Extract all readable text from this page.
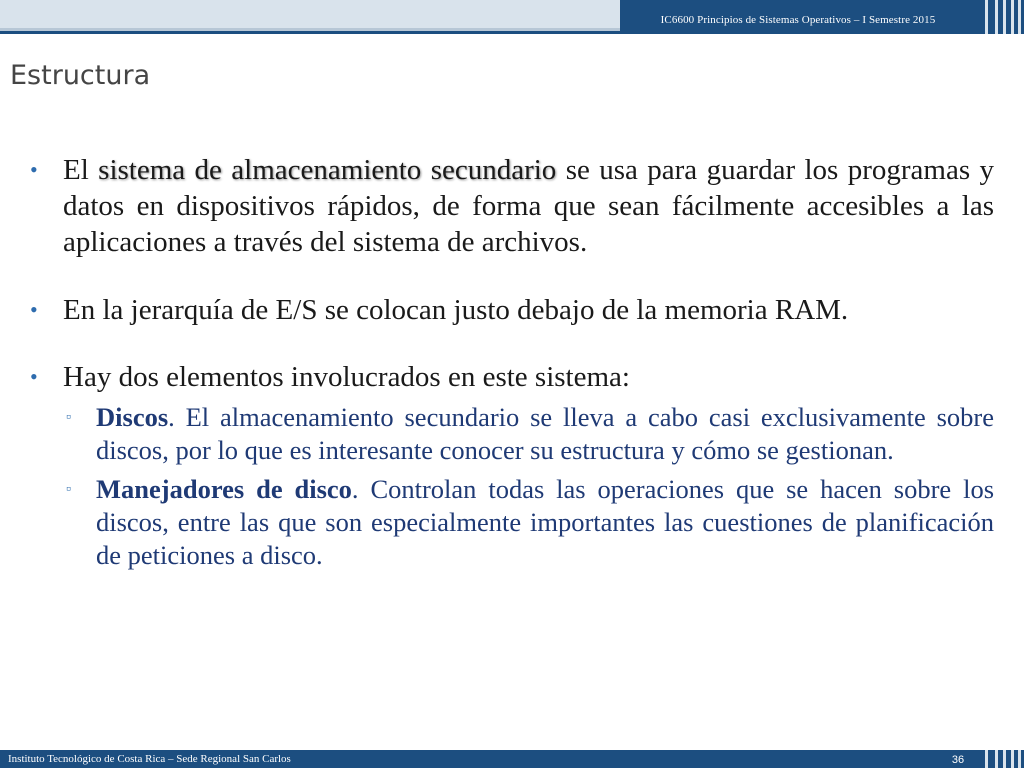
IC6600 Principios de Sistemas Operativos – I Semestre 2015
Estructura

• El sistema de almacenamiento secundario se usa para guardar los programas y datos en dispositivos rápidos, de forma que sean fácilmente accesibles a las aplicaciones a través del sistema de archivos.

• En la jerarquía de E/S se colocan justo debajo de la memoria RAM.

• Hay dos elementos involucrados en este sistema:

▫ Discos. El almacenamiento secundario se lleva a cabo casi exclusivamente sobre discos, por lo que es interesante conocer su estructura y cómo se gestionan.

▫ Manejadores de disco. Controlan todas las operaciones que se hacen sobre los discos, entre las que son especialmente importantes las cuestiones de planificación de peticiones a disco.

Instituto Tecnológico de Costa Rica – Sede Regional San Carlos	36
